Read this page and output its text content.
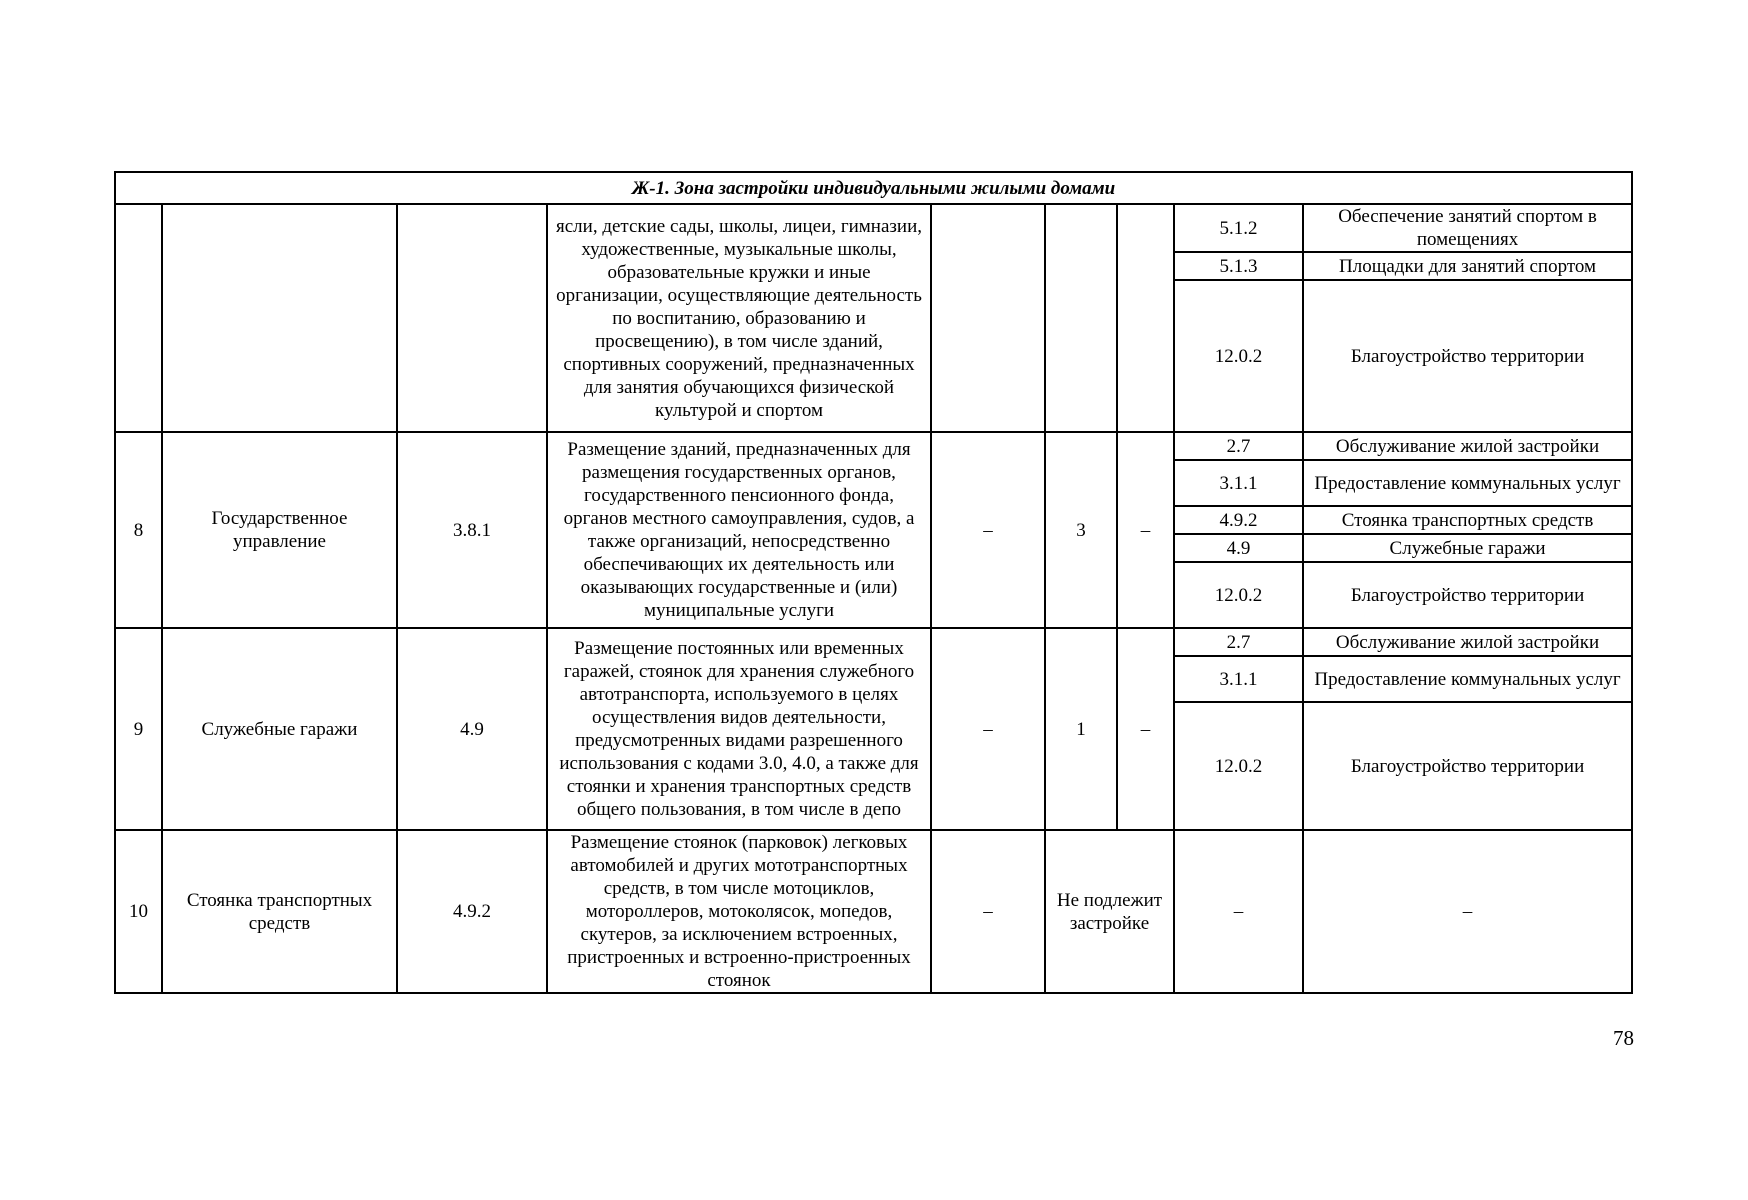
Ж-1. Зона застройки индивидуальными жилыми домами								
			ясли, детские сады, школы, лицеи, гимназии, художественные, музыкальные школы, образовательные кружки и иные организации, осуществляющие деятельность по воспитанию, образованию и просвещению), в том числе зданий, спортивных сооружений, предназначенных для занятия обучающихся физической культурой и спортом				5.1.2	Обеспечение занятий спортом в помещениях
							5.1.3	Площадки для занятий спортом
							12.0.2	Благоустройство территории
8	Государственное управление	3.8.1	Размещение зданий, предназначенных для размещения государственных органов, государственного пенсионного фонда, органов местного самоуправления, судов, а также организаций, непосредственно обеспечивающих их деятельность или оказывающих государственные и (или) муниципальные услуги	–	3	–	2.7	Обслуживание жилой застройки
							3.1.1	Предоставление коммунальных услуг
							4.9.2	Стоянка транспортных средств
							4.9	Служебные гаражи
							12.0.2	Благоустройство территории
9	Служебные гаражи	4.9	Размещение постоянных или временных гаражей, стоянок для хранения служебного автотранспорта, используемого в целях осуществления видов деятельности, предусмотренных видами разрешенного использования с кодами 3.0, 4.0, а также для стоянки и хранения транспортных средств общего пользования, в том числе в депо	–	1	–	2.7	Обслуживание жилой застройки
							3.1.1	Предоставление коммунальных услуг
							12.0.2	Благоустройство территории
10	Стоянка транспортных средств	4.9.2	Размещение стоянок (парковок) легковых автомобилей и других мототранспортных средств, в том числе мотоциклов, мотороллеров, мотоколясок, мопедов, скутеров, за исключением встроенных, пристроенных и встроенно-пристроенных стоянок	–	Не подлежит застройке		–	–
78
